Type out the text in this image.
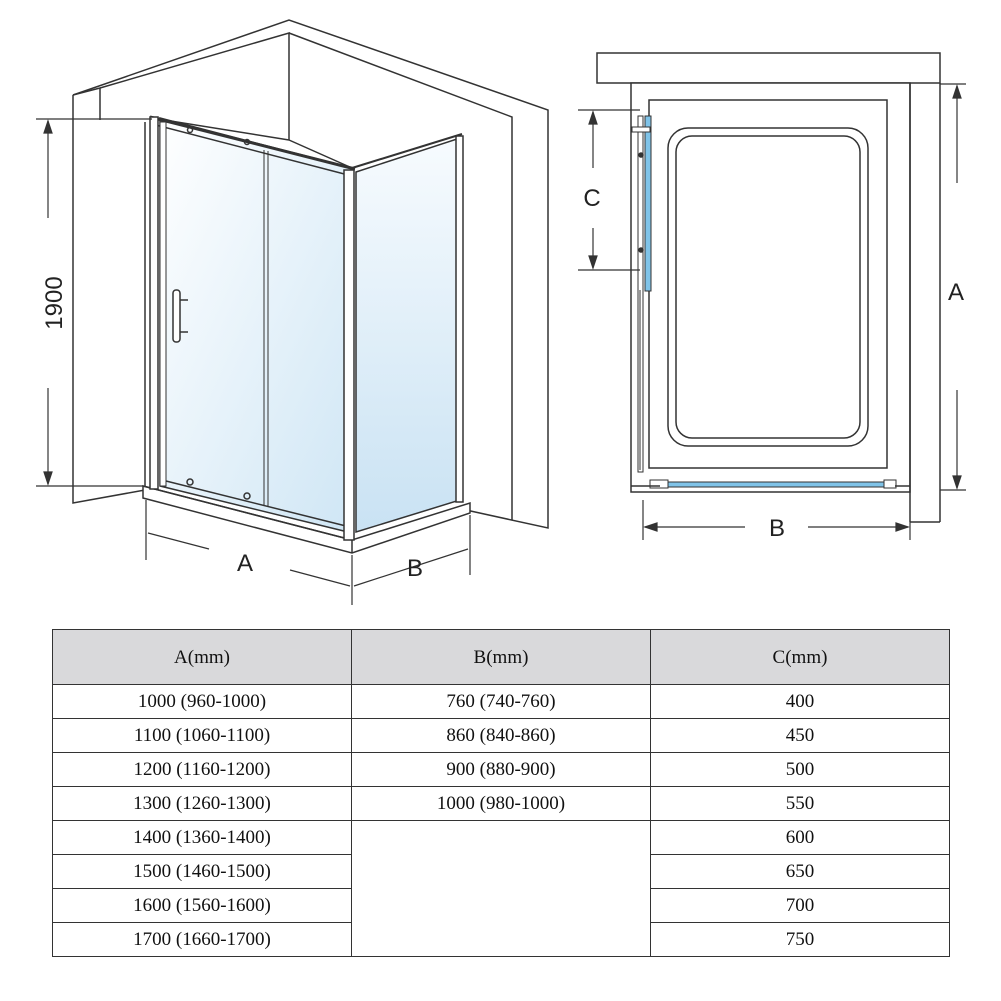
1900
A	B
C
A
B
A(mm)	B(mm)	C(mm)
1000 (960-1000)	760 (740-760)	400
1100 (1060-1100)	860 (840-860)	450
1200 (1160-1200)	900 (880-900)	500
1300 (1260-1300)	1000 (980-1000)	550
1400 (1360-1400)		600
1500 (1460-1500)		650
1600 (1560-1600)		700
1700 (1660-1700)		750
